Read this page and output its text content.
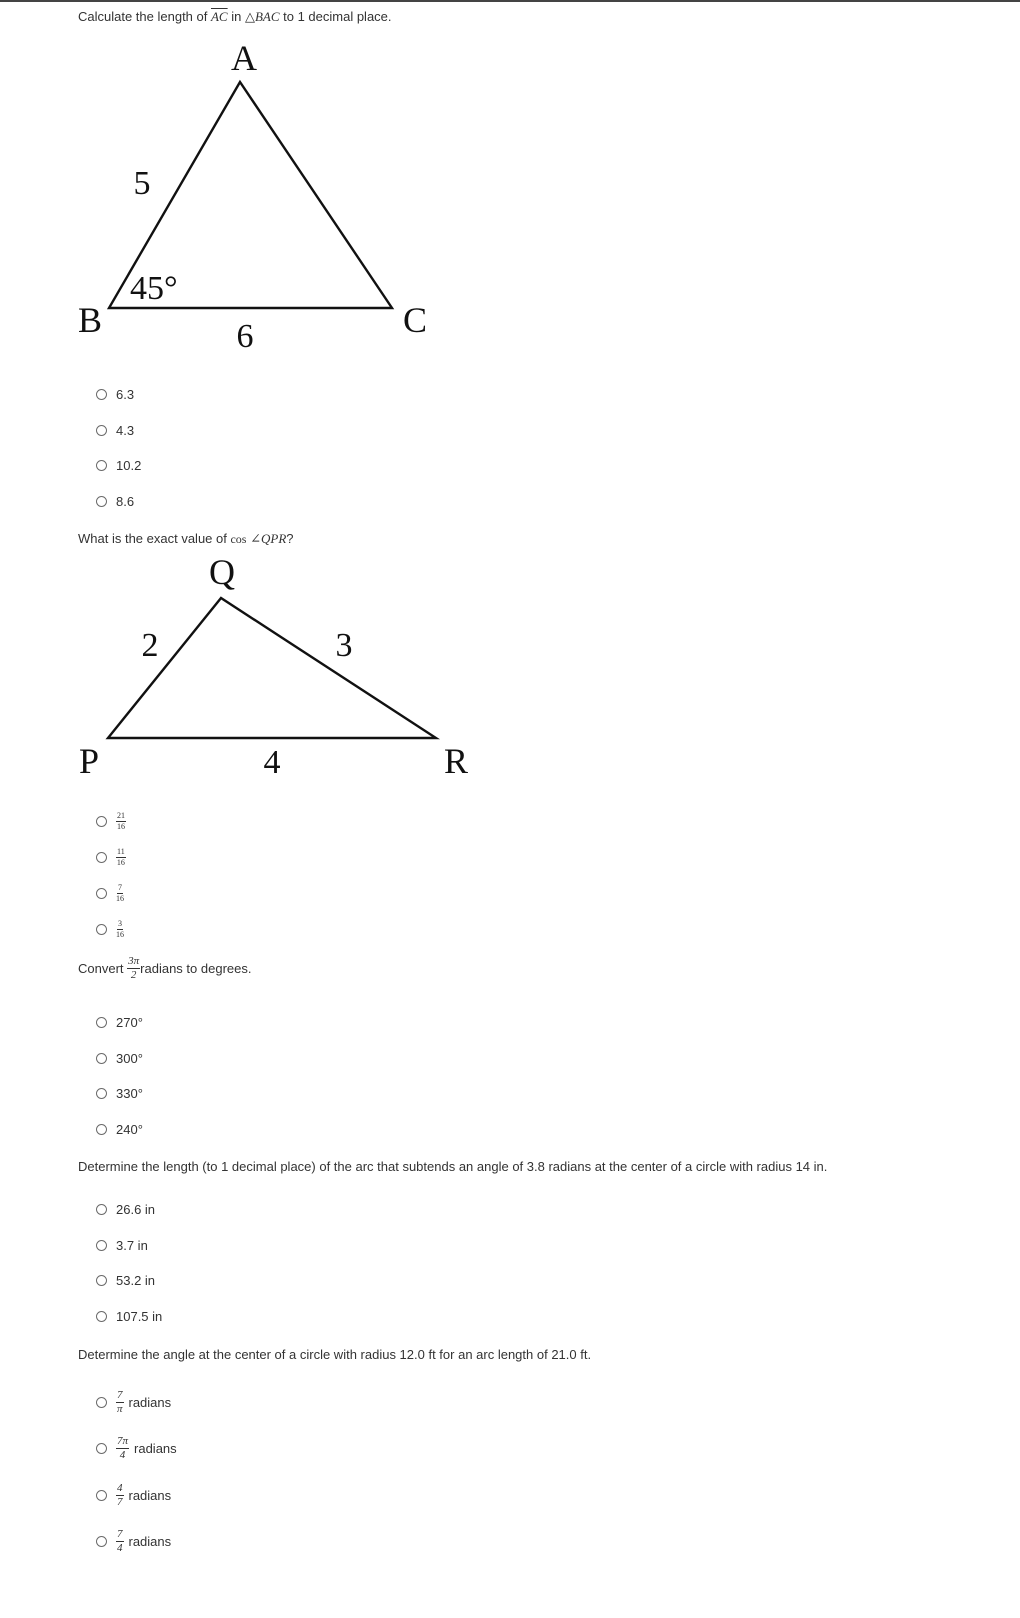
Calculate the length of $\overline{AC}$ in △BAC to 1 decimal place.

A
B	C
5
6
45°
6.3
4.3
10.2
8.6

What is the exact value of cos ∠QPR?

Q
P	R
2	3
4
$\frac{21}{16}$
$\frac{11}{16}$
$\frac{7}{16}$
$\frac{3}{16}$

Convert
$\frac{3\pi}{2}$ radians to degrees.

270°
300°
330°
240°

Determine the length (to 1 decimal place) of the arc that subtends an angle of 3.8 radians at the center of a circle with radius 14 in.

26.6 in
3.7 in
53.2 in
107.5 in

Determine the angle at the center of a circle with radius 12.0 ft for an arc length of 21.0 ft.

$\frac{7}{\pi}$ radians
$\frac{7\pi}{4}$ radians
$\frac{4}{7}$ radians
$\frac{7}{4}$ radians
